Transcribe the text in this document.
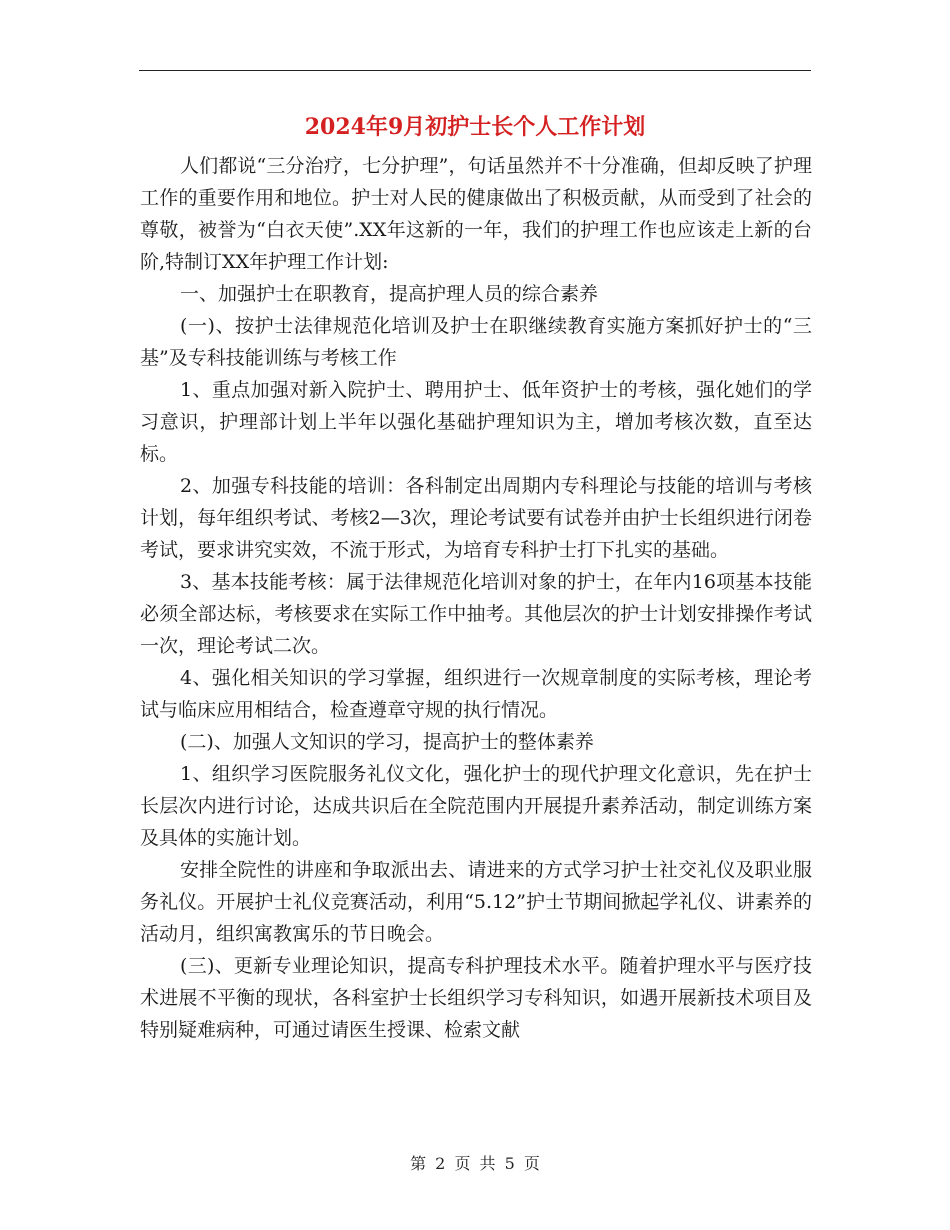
2024年9月初护士长个人工作计划

人们都说“三分治疗，七分护理”，句话虽然并不十分准确，但却反映了护理工作的重要作用和地位。护士对人民的健康做出了积极贡献，从而受到了社会的尊敬，被誉为“白衣天使”.XX年这新的一年，我们的护理工作也应该走上新的台阶,特制订XX年护理工作计划:

一、加强护士在职教育，提高护理人员的综合素养

(一)、按护士法律规范化培训及护士在职继续教育实施方案抓好护士的“三基”及专科技能训练与考核工作

1、重点加强对新入院护士、聘用护士、低年资护士的考核，强化她们的学习意识，护理部计划上半年以强化基础护理知识为主，增加考核次数，直至达标。

2、加强专科技能的培训：各科制定出周期内专科理论与技能的培训与考核计划，每年组织考试、考核2—3次，理论考试要有试卷并由护士长组织进行闭卷考试，要求讲究实效，不流于形式，为培育专科护士打下扎实的基础。

3、基本技能考核：属于法律规范化培训对象的护士，在年内16项基本技能必须全部达标，考核要求在实际工作中抽考。其他层次的护士计划安排操作考试一次，理论考试二次。

4、强化相关知识的学习掌握，组织进行一次规章制度的实际考核，理论考试与临床应用相结合，检查遵章守规的执行情况。

(二)、加强人文知识的学习，提高护士的整体素养

1、组织学习医院服务礼仪文化，强化护士的现代护理文化意识，先在护士长层次内进行讨论，达成共识后在全院范围内开展提升素养活动，制定训练方案及具体的实施计划。

安排全院性的讲座和争取派出去、请进来的方式学习护士社交礼仪及职业服务礼仪。开展护士礼仪竞赛活动，利用“5.12”护士节期间掀起学礼仪、讲素养的活动月，组织寓教寓乐的节日晚会。

(三)、更新专业理论知识，提高专科护理技术水平。随着护理水平与医疗技术进展不平衡的现状，各科室护士长组织学习专科知识，如遇开展新技术项目及特别疑难病种，可通过请医生授课、检索文献

第 2 页 共 5 页
